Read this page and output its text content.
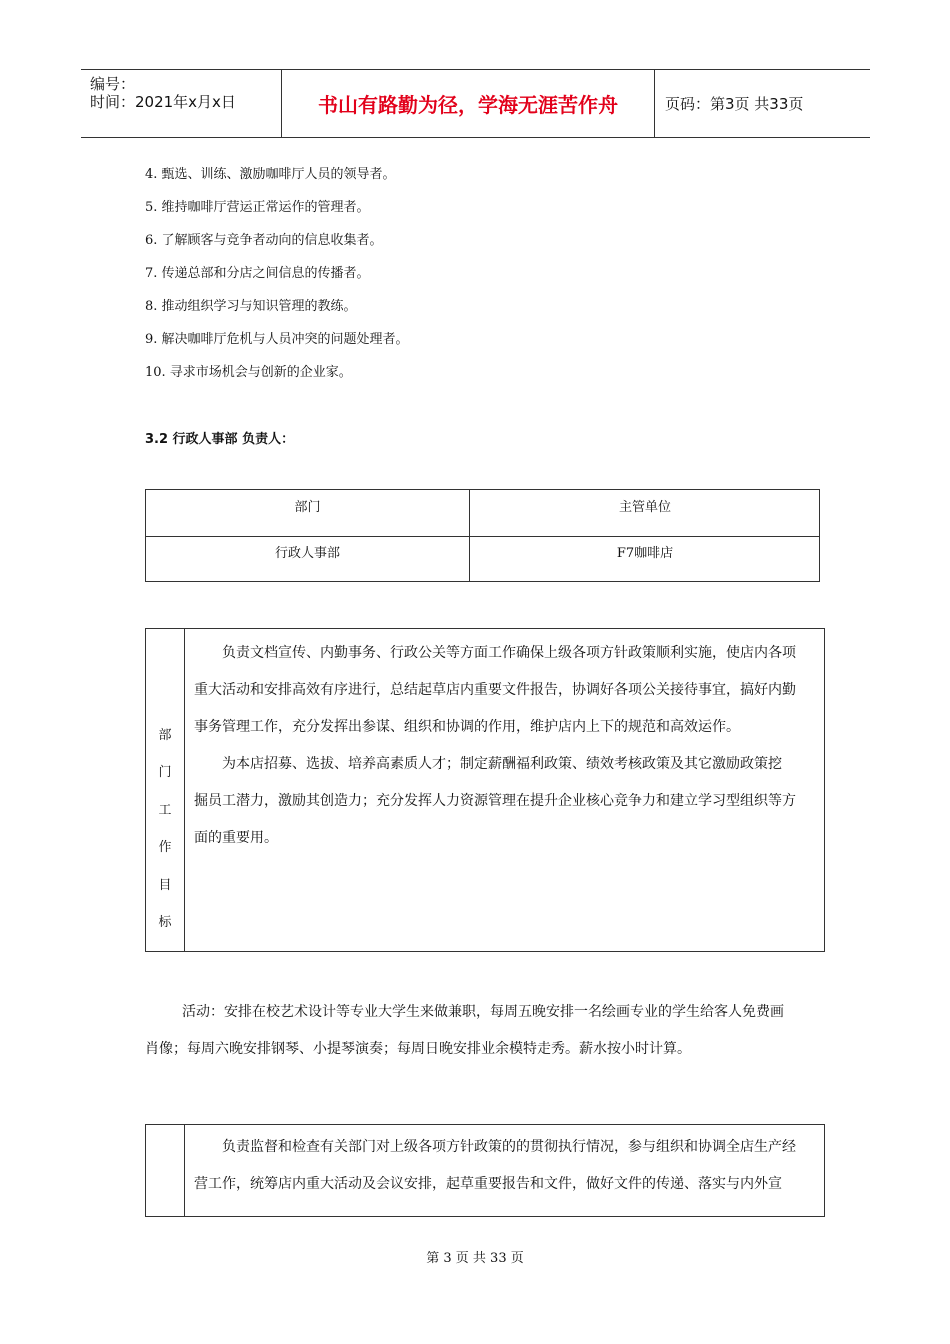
编号：
时间：2021年x月x日	书山有路勤为径，学海无涯苦作舟	页码：第3页 共33页
4. 甄选、训练、激励咖啡厅人员的领导者。
5. 维持咖啡厅营运正常运作的管理者。
6. 了解顾客与竞争者动向的信息收集者。
7. 传递总部和分店之间信息的传播者。
8. 推动组织学习与知识管理的教练。
9. 解决咖啡厅危机与人员冲突的问题处理者。
10. 寻求市场机会与创新的企业家。
3.2 行政人事部 负责人：
部门	主管单位
行政人事部	F7咖啡店
部
门
工
作
目
标
　　负责文档宣传、内勤事务、行政公关等方面工作确保上级各项方针政策顺利实施，使店内各项
重大活动和安排高效有序进行，总结起草店内重要文件报告，协调好各项公关接待事宜，搞好内勤
事务管理工作，充分发挥出参谋、组织和协调的作用，维护店内上下的规范和高效运作。
　　为本店招募、选拔、培养高素质人才；制定薪酬福利政策、绩效考核政策及其它激励政策挖
掘员工潜力，激励其创造力；充分发挥人力资源管理在提升企业核心竞争力和建立学习型组织等方
面的重要用。
活动：安排在校艺术设计等专业大学生来做兼职，每周五晚安排一名绘画专业的学生给客人免费画
肖像；每周六晚安排钢琴、小提琴演奏；每周日晚安排业余模特走秀。薪水按小时计算。
　　负责监督和检查有关部门对上级各项方针政策的的贯彻执行情况，参与组织和协调全店生产经
营工作，统筹店内重大活动及会议安排，起草重要报告和文件，做好文件的传递、落实与内外宣
第 3 页 共 33 页
